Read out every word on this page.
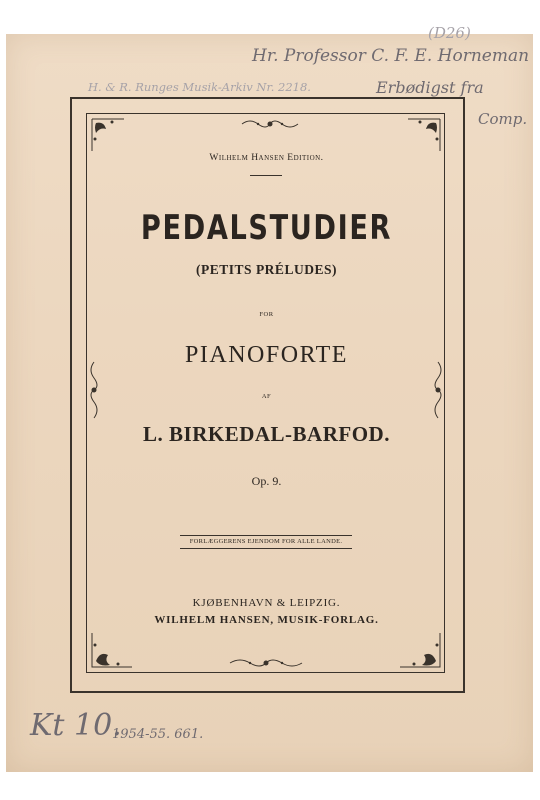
(D26)
Hr. Professor C. F. E. Horneman
Erbødigst fra
Comp.
H. & R. Runges Musik-Arkiv Nr. 2218.
Wilhelm Hansen Edition.
PEDALSTUDIER
(PETITS PRÉLUDES)
FOR
PIANOFORTE
AF
L. BIRKEDAL-BARFOD.
Op. 9.
FORLÆGGERENS EJENDOM FOR ALLE LANDE.
KJØBENHAVN & LEIPZIG.
WILHELM HANSEN, MUSIK-FORLAG.
Kt 10.
1954-55. 661.
